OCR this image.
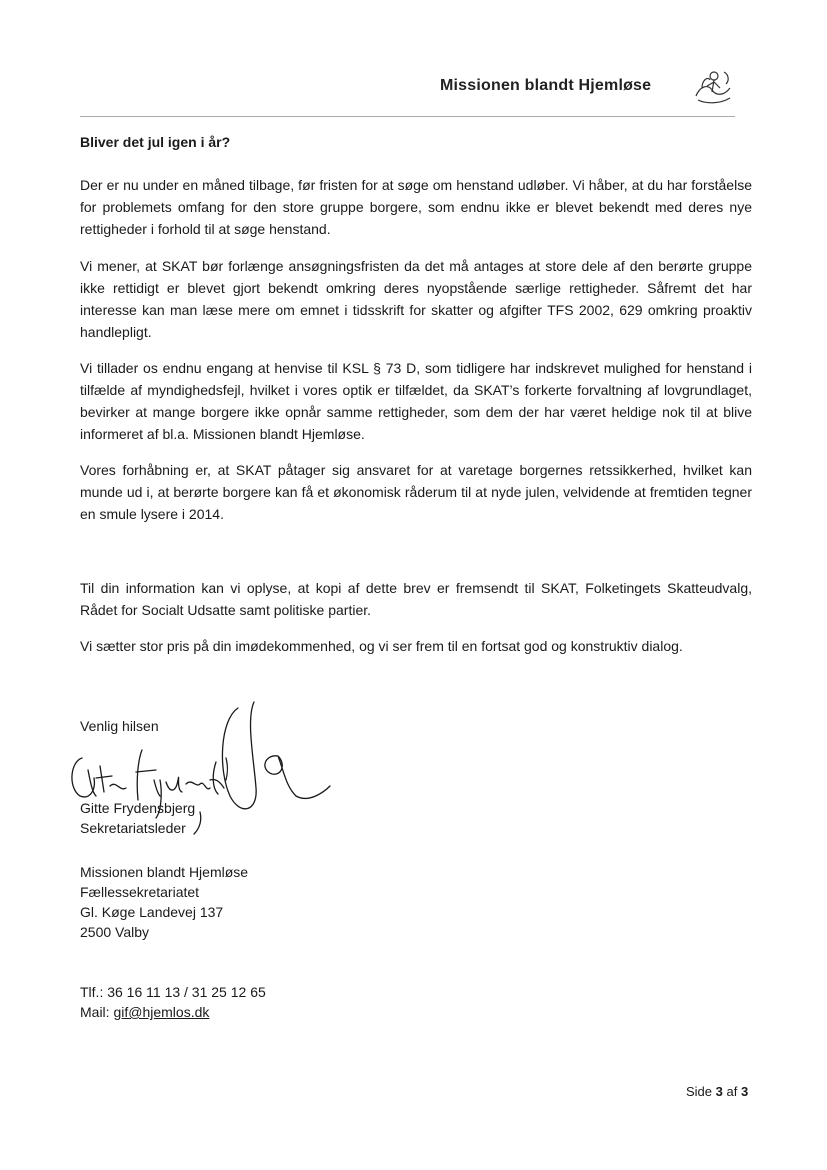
Missionen blandt Hjemløse
Bliver det jul igen i år?

Der er nu under en måned tilbage, før fristen for at søge om henstand udløber. Vi håber, at du har forståelse for problemets omfang for den store gruppe borgere, som endnu ikke er blevet bekendt med deres nye rettigheder i forhold til at søge henstand.

Vi mener, at SKAT bør forlænge ansøgningsfristen da det må antages at store dele af den berørte gruppe ikke rettidigt er blevet gjort bekendt omkring deres nyopstående særlige rettigheder. Såfremt det har interesse kan man læse mere om emnet i tidsskrift for skatter og afgifter TFS 2002, 629 omkring proaktiv handlepligt.

Vi tillader os endnu engang at henvise til KSL § 73 D, som tidligere har indskrevet mulighed for henstand i tilfælde af myndighedsfejl, hvilket i vores optik er tilfældet, da SKAT’s forkerte forvaltning af lovgrundlaget, bevirker at mange borgere ikke opnår samme rettigheder, som dem der har været heldige nok til at blive informeret af bl.a. Missionen blandt Hjemløse.

Vores forhåbning er, at SKAT påtager sig ansvaret for at varetage borgernes retssikkerhed, hvilket kan munde ud i, at berørte borgere kan få et økonomisk råderum til at nyde julen, velvidende at fremtiden tegner en smule lysere i 2014.

Til din information kan vi oplyse, at kopi af dette brev er fremsendt til SKAT, Folketingets Skatteudvalg, Rådet for Socialt Udsatte samt politiske partier.

Vi sætter stor pris på din imødekommenhed, og vi ser frem til en fortsat god og konstruktiv dialog.

Venlig hilsen
Gitte Frydensbjerg
Sekretariatsleder
Missionen blandt Hjemløse
Fællessekretariatet
Gl. Køge Landevej 137
2500 Valby
Tlf.: 36 16 11 13 / 31 25 12 65
Mail: gif@hjemlos.dk
Side 3 af 3
